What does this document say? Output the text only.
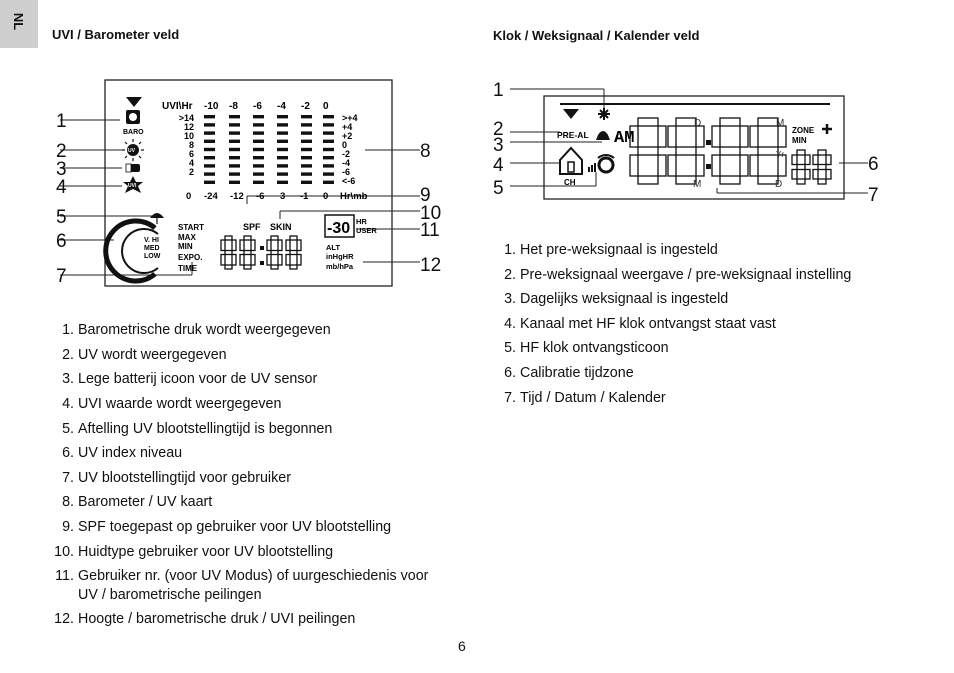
NL
UVI / Barometer veld	Klok / Weksignaal / Kalender veld
1
2
3
4
5
6
7
8
9
10
11
12
BARO
UV
UVI
UVI\Hr -10 -8 -6 -4 -2 0
>14
12
10
8
6
4
2
0 -24 -12 -6 3 -1 0 Hr\mb
>+4
+4
+2
0
-2
-4
-6
<-6
V. HI
MED
LOW
START
MAX
MIN
EXPO.
TIME
SPF SKIN -30 HR
USER
ALT
inHgHR
mb/hPa
1
2
3
4
5
6
7
PRE-AL AM
CH
D	M
Yr
M	D
ZONE
MIN
1. Barometrische druk wordt weergegeven
2. UV wordt weergegeven
3. Lege batterij icoon voor de UV sensor
4. UVI waarde wordt weergegeven
5. Aftelling UV blootstellingtijd is begonnen
6. UV index niveau
7. UV blootstellingtijd voor gebruiker
8. Barometer / UV kaart
9. SPF toegepast op gebruiker voor UV blootstelling
10. Huidtype gebruiker voor UV blootstelling
11. Gebruiker nr. (voor UV Modus) of uurgeschiedenis voor
UV / barometrische peilingen
12. Hoogte / barometrische druk / UVI peilingen
1. Het pre-weksignaal is ingesteld
2. Pre-weksignaal weergave / pre-weksignaal instelling
3. Dagelijks weksignaal is ingesteld
4. Kanaal met HF klok ontvangst staat vast
5. HF klok ontvangsticoon
6. Calibratie tijdzone
7. Tijd / Datum / Kalender
6
